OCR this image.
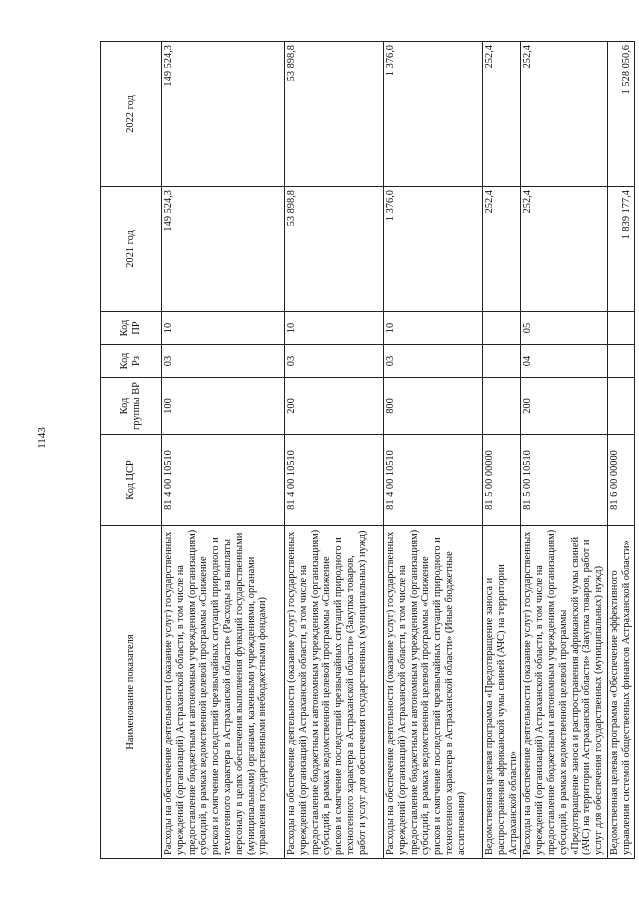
1143
Наименование показателя	Код ЦСР	Код группы ВР	Код Рз	Код ПР	2021 год	2022 год
Расходы на обеспечение деятельности (оказание услуг) государственных учреждений (организаций) Астраханской области, в том числе на предоставление бюджетным и автономным учреждениям (организациям) субсидий, в рамках ведомственной целевой программы «Снижение рисков и смягчение последствий чрезвычайных ситуаций природного и техногенного характера в Астраханской области» (Расходы на выплаты персоналу в целях обеспечения выполнения функций государственными (муниципальными) органами, казенными учреждениями, органами управления государственными внебюджетными фондами)	81 4 00 10510	100	03	10	149 524,3	149 524,3
Расходы на обеспечение деятельности (оказание услуг) государственных учреждений (организаций) Астраханской области, в том числе на предоставление бюджетным и автономным учреждениям (организациям) субсидий, в рамках ведомственной целевой программы «Снижение рисков и смягчение последствий чрезвычайных ситуаций природного и техногенного характера в Астраханской области» (Закупка товаров, работ и услуг для обеспечения государственных (муниципальных) нужд)	81 4 00 10510	200	03	10	53 898,8	53 898,8
Расходы на обеспечение деятельности (оказание услуг) государственных учреждений (организаций) Астраханской области, в том числе на предоставление бюджетным и автономным учреждениям (организациям) субсидий, в рамках ведомственной целевой программы «Снижение рисков и смягчение последствий чрезвычайных ситуаций природного и техногенного характера в Астраханской области» (Иные бюджетные ассигнования)	81 4 00 10510	800	03	10	1 376,0	1 376,0
Ведомственная целевая программа «Предотвращение заноса и распространения африканской чумы свиней (АЧС) на территории Астраханской области»	81 5 00 00000				252,4	252,4
Расходы на обеспечение деятельности (оказание услуг) государственных учреждений (организаций) Астраханской области, в том числе на предоставление бюджетным и автономным учреждениям (организациям) субсидий, в рамках ведомственной целевой программы «Предотвращение заноса и распространения африканской чумы свиней (АЧС) на территории Астраханской области» (Закупка товаров, работ и услуг для обеспечения государственных (муниципальных) нужд)	81 5 00 10510	200	04	05	252,4	252,4
Ведомственная целевая программа «Обеспечение эффективного управления системой общественных финансов Астраханской области»	81 6 00 00000				1 839 177,4	1 528 050,6
